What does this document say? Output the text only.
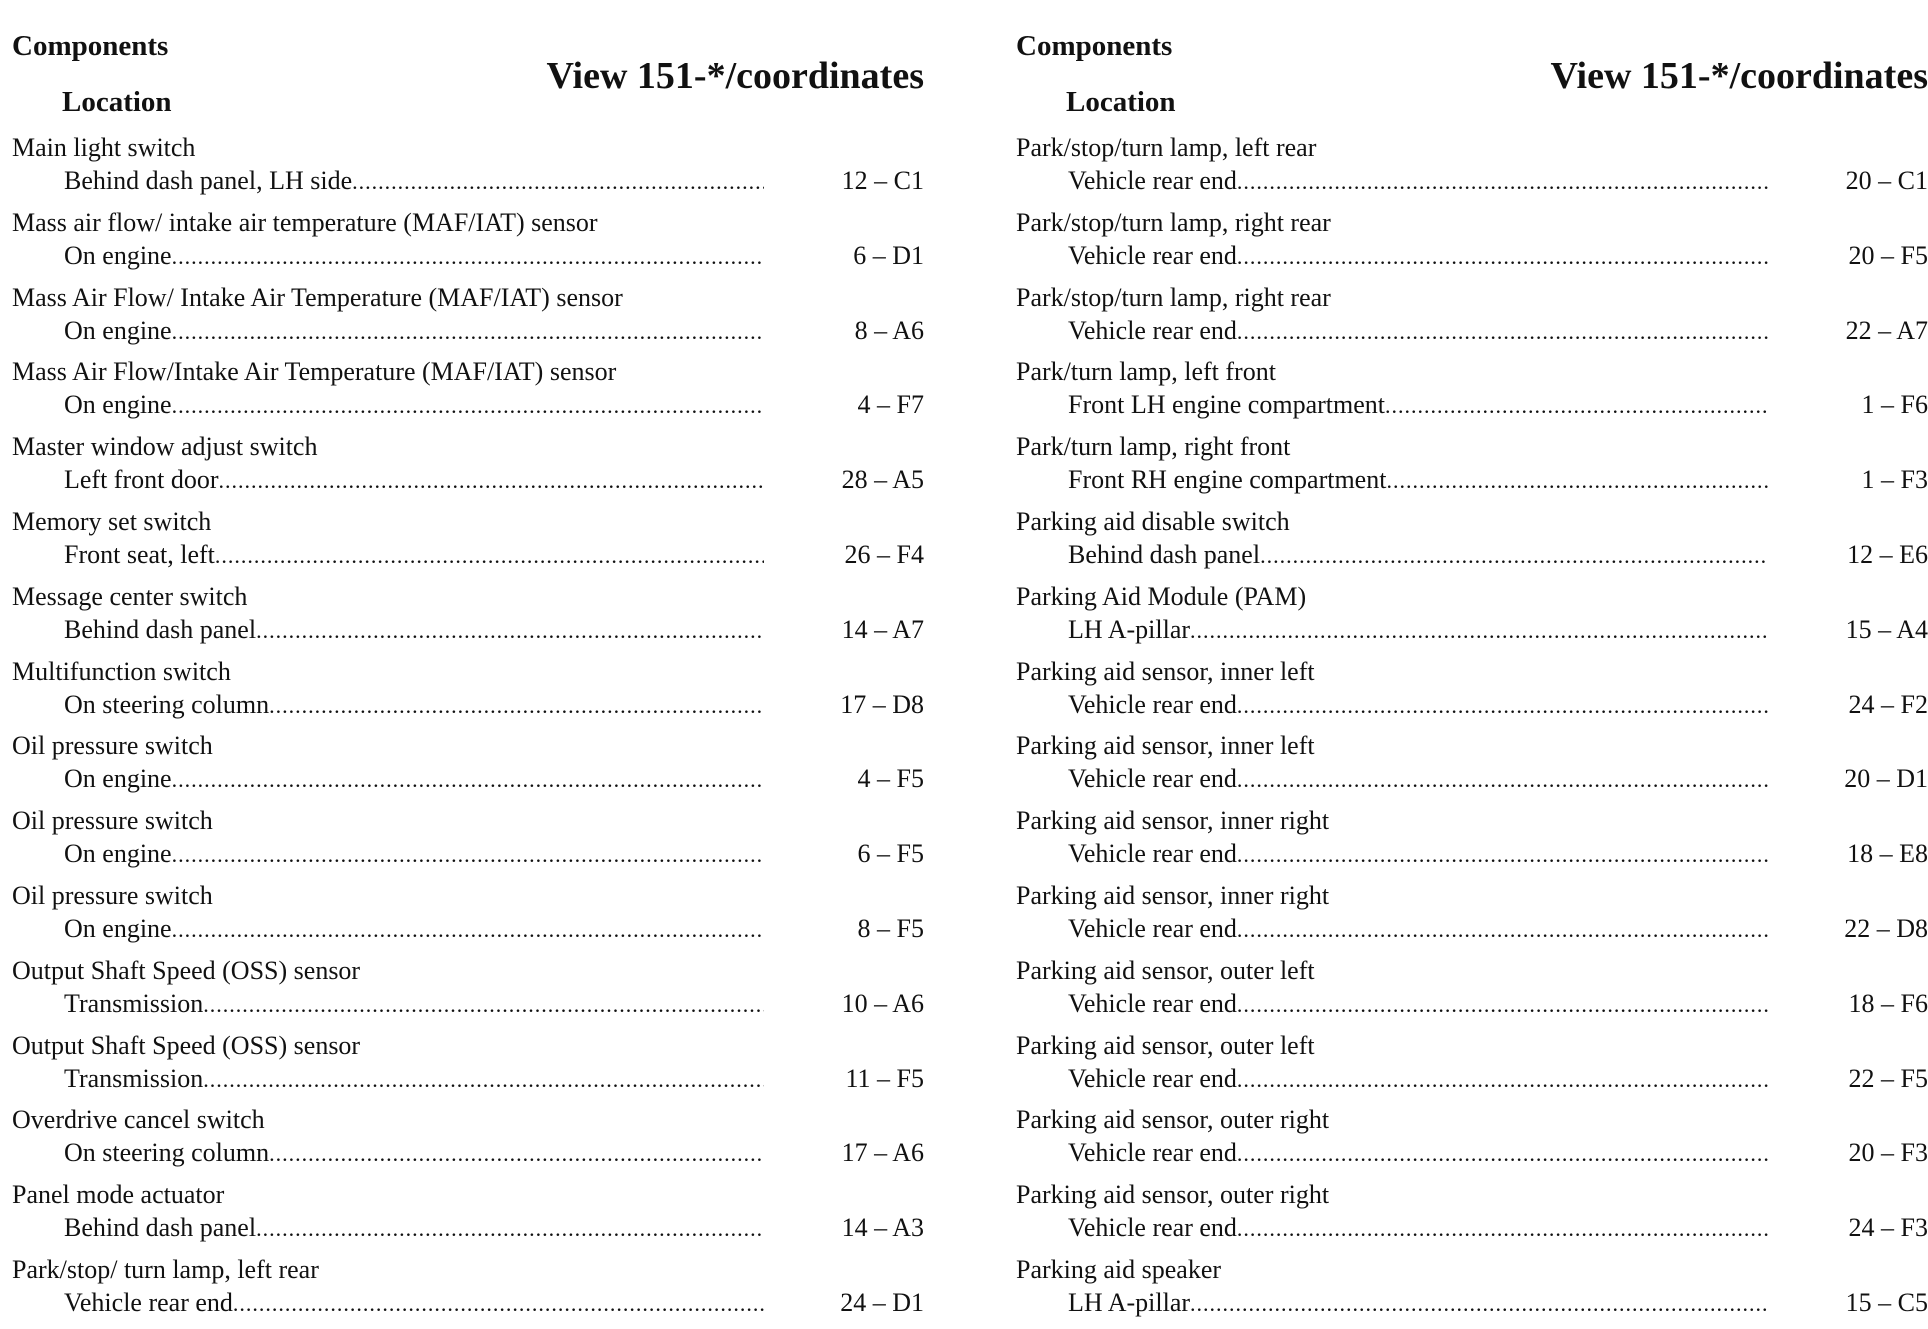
Components
Location
View 151-*/coordinates
Main light switch
Behind dash panel, LH side .....	12 – C1
Mass air flow/ intake air temperature (MAF/IAT) sensor
On engine .....	6 – D1
Mass Air Flow/ Intake Air Temperature (MAF/IAT) sensor
On engine .....	8 – A6
Mass Air Flow/Intake Air Temperature (MAF/IAT) sensor
On engine .....	4 – F7
Master window adjust switch
Left front door .....	28 – A5
Memory set switch
Front seat, left .....	26 – F4
Message center switch
Behind dash panel .....	14 – A7
Multifunction switch
On steering column .....	17 – D8
Oil pressure switch
On engine .....	4 – F5
Oil pressure switch
On engine .....	6 – F5
Oil pressure switch
On engine .....	8 – F5
Output Shaft Speed (OSS) sensor
Transmission .....	10 – A6
Output Shaft Speed (OSS) sensor
Transmission .....	11 – F5
Overdrive cancel switch
On steering column .....	17 – A6
Panel mode actuator
Behind dash panel .....	14 – A3
Park/stop/ turn lamp, left rear
Vehicle rear end .....	24 – D1
Components
Location
View 151-*/coordinates
Park/stop/turn lamp, left rear
Vehicle rear end .....	20 – C1
Park/stop/turn lamp, right rear
Vehicle rear end .....	20 – F5
Park/stop/turn lamp, right rear
Vehicle rear end .....	22 – A7
Park/turn lamp, left front
Front LH engine compartment .....	1 – F6
Park/turn lamp, right front
Front RH engine compartment .....	1 – F3
Parking aid disable switch
Behind dash panel .....	12 – E6
Parking Aid Module (PAM)
LH A-pillar .....	15 – A4
Parking aid sensor, inner left
Vehicle rear end .....	24 – F2
Parking aid sensor, inner left
Vehicle rear end .....	20 – D1
Parking aid sensor, inner right
Vehicle rear end .....	18 – E8
Parking aid sensor, inner right
Vehicle rear end .....	22 – D8
Parking aid sensor, outer left
Vehicle rear end .....	18 – F6
Parking aid sensor, outer left
Vehicle rear end .....	22 – F5
Parking aid sensor, outer right
Vehicle rear end .....	20 – F3
Parking aid sensor, outer right
Vehicle rear end .....	24 – F3
Parking aid speaker
LH A-pillar .....	15 – C5
